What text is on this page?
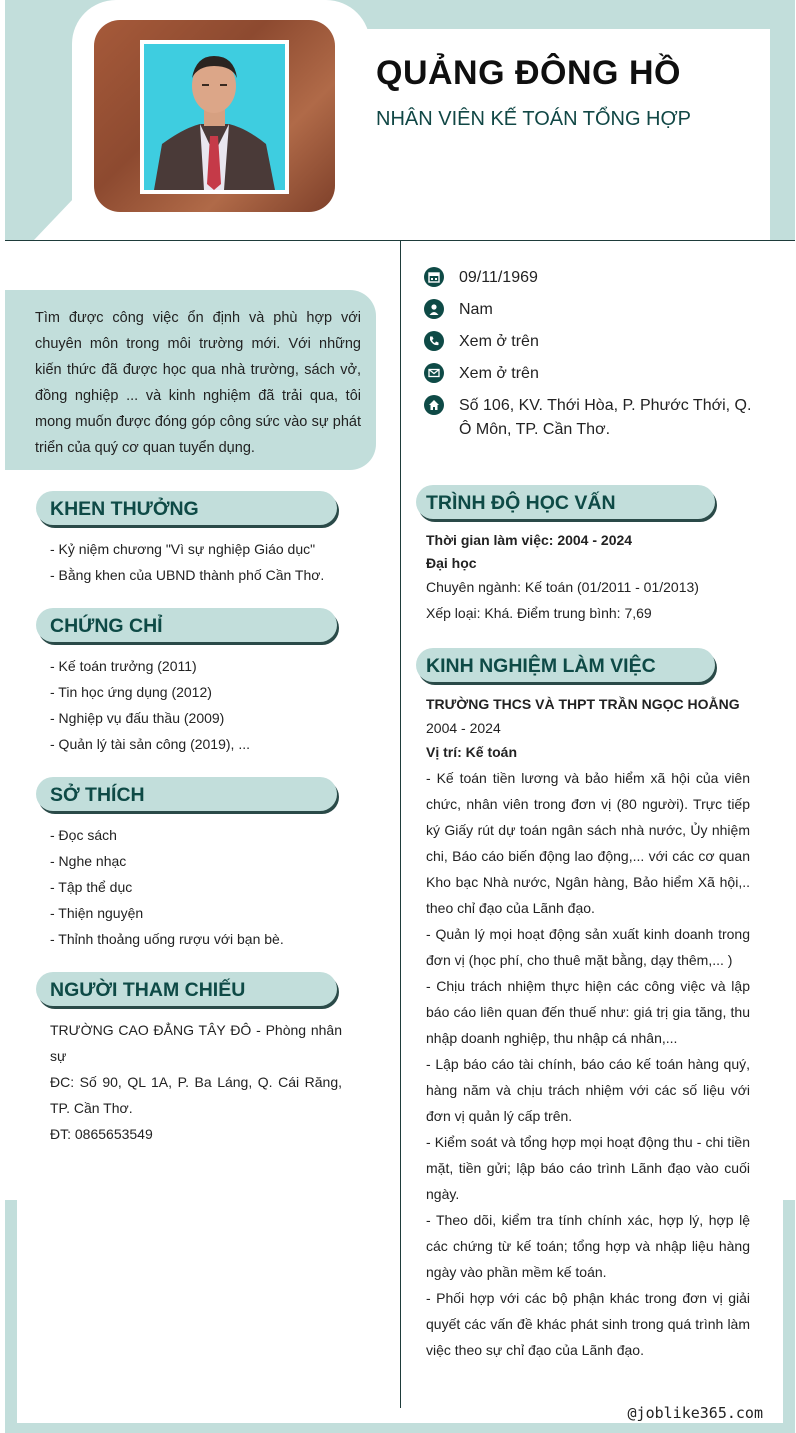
QUẢNG ĐÔNG HỒ
NHÂN VIÊN KẾ TOÁN TỔNG HỢP
Tìm được công việc ổn định và phù hợp với chuyên môn trong môi trường mới. Với những kiến thức đã được học qua nhà trường, sách vở, đồng nghiệp ... và kinh nghiệm đã trải qua, tôi mong muốn được đóng góp công sức vào sự phát triển của quý cơ quan tuyển dụng.
09/11/1969
Nam
Xem ở trên
Xem ở trên
Số 106, KV. Thới Hòa, P. Phước Thới, Q. Ô Môn, TP. Cần Thơ.
KHEN THƯỞNG
- Kỷ niệm chương "Vì sự nghiệp Giáo dục"
- Bằng khen của UBND thành phố Cần Thơ.
CHỨNG CHỈ
- Kế toán trưởng (2011)
- Tin học ứng dụng (2012)
- Nghiệp vụ đấu thầu (2009)
- Quản lý tài sản công (2019), ...
SỞ THÍCH
- Đọc sách
- Nghe nhạc
- Tập thể dục
- Thiện nguyện
- Thỉnh thoảng uống rượu với bạn bè.
NGƯỜI THAM CHIẾU
TRƯỜNG CAO ĐẲNG TÂY ĐÔ - Phòng nhân sự
ĐC: Số 90, QL 1A, P. Ba Láng, Q. Cái Răng, TP. Cần Thơ.
ĐT: 0865653549
TRÌNH ĐỘ HỌC VẤN
Thời gian làm việc: 2004 - 2024
Đại học
Chuyên ngành: Kế toán (01/2011 - 01/2013)
Xếp loại: Khá. Điểm trung bình: 7,69
KINH NGHIỆM LÀM VIỆC
TRƯỜNG THCS VÀ THPT TRẦN NGỌC HOẰNG
2004 - 2024
Vị trí: Kế toán
- Kế toán tiền lương và bảo hiểm xã hội của viên chức, nhân viên trong đơn vị (80 người). Trực tiếp ký Giấy rút dự toán ngân sách nhà nước, Ủy nhiệm chi, Báo cáo biến động lao động,... với các cơ quan Kho bạc Nhà nước, Ngân hàng, Bảo hiểm Xã hội,.. theo chỉ đạo của Lãnh đạo.
- Quản lý mọi hoạt động sản xuất kinh doanh trong đơn vị (học phí, cho thuê mặt bằng, dạy thêm,... )
- Chịu trách nhiệm thực hiện các công việc và lập báo cáo liên quan đến thuế như: giá trị gia tăng, thu nhập doanh nghiệp, thu nhập cá nhân,...
- Lập báo cáo tài chính, báo cáo kế toán hàng quý, hàng năm và chịu trách nhiệm với các số liệu với đơn vị quản lý cấp trên.
- Kiểm soát và tổng hợp mọi hoạt động thu - chi tiền mặt, tiền gửi; lập báo cáo trình Lãnh đạo vào cuối ngày.
- Theo dõi, kiểm tra tính chính xác, hợp lý, hợp lệ các chứng từ kế toán; tổng hợp và nhập liệu hàng ngày vào phần mềm kế toán.
- Phối hợp với các bộ phận khác trong đơn vị giải quyết các vấn đề khác phát sinh trong quá trình làm việc theo sự chỉ đạo của Lãnh đạo.
@joblike365.com
